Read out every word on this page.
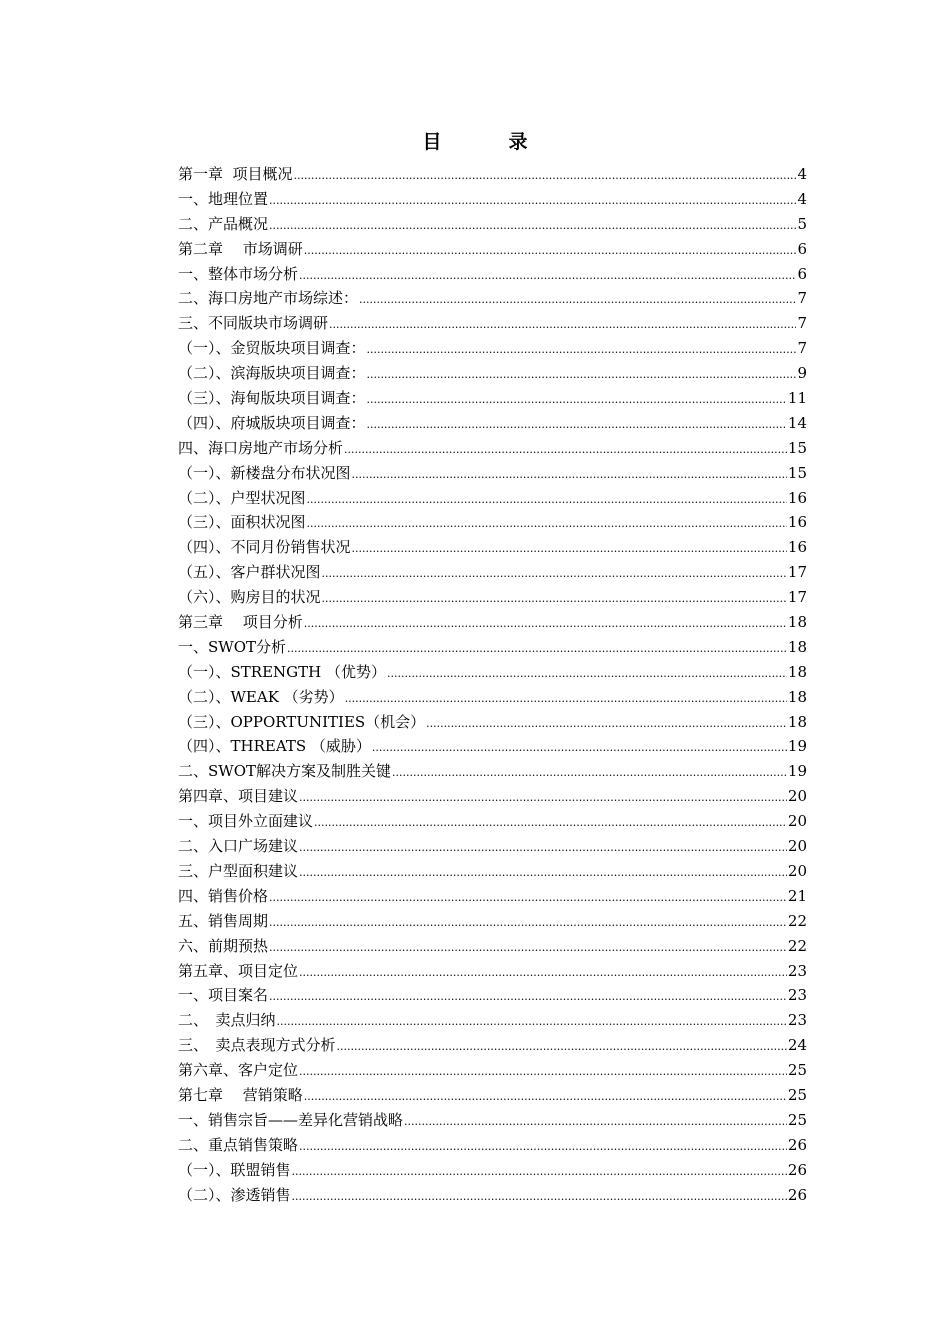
目　录
第一章  项目概况 .....	4
一、地理位置 .....	4
二、产品概况 .....	5
第二章　 市场调研 .....	6
一、整体市场分析 .....	6
二、海口房地产市场综述： .....	7
三、不同版块市场调研 .....	7
（一）、金贸版块项目调查： .....	7
（二）、滨海版块项目调查： .....	9
（三）、海甸版块项目调查： .....	11
（四）、府城版块项目调查： .....	14
四、海口房地产市场分析 .....	15
（一）、新楼盘分布状况图 .....	15
（二）、户型状况图 .....	16
（三）、面积状况图 .....	16
（四）、不同月份销售状况 .....	16
（五）、客户群状况图 .....	17
（六）、购房目的状况 .....	17
第三章　 项目分析 .....	18
一、SWOT分析 .....	18
（一）、STRENGTH （优势） .....	18
（二）、WEAK （劣势） .....	18
（三）、OPPORTUNITIES（机会） .....	18
（四）、THREATS （威胁） .....	19
二、SWOT解决方案及制胜关键 .....	19
第四章、项目建议 .....	20
一、项目外立面建议 .....	20
二、入口广场建议 .....	20
三、户型面积建议 .....	20
四、销售价格 .....	21
五、销售周期 .....	22
六、前期预热 .....	22
第五章、项目定位 .....	23
一、项目案名 .....	23
二、　卖点归纳 .....	23
三、　卖点表现方式分析 .....	24
第六章、客户定位 .....	25
第七章　 营销策略 .....	25
一、销售宗旨——差异化营销战略 .....	25
二、重点销售策略 .....	26
（一）、联盟销售 .....	26
（二）、渗透销售 .....	26
